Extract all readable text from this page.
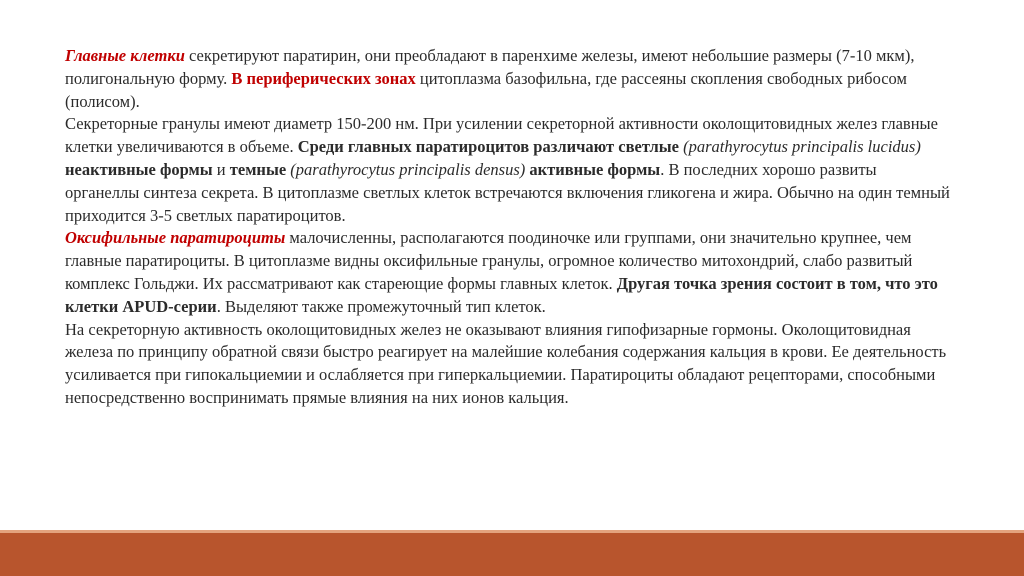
Главные клетки секретируют паратирин, они преобладают в паренхиме железы, имеют небольшие размеры (7-10 мкм), полигональную форму. В периферических зонах цитоплазма базофильна, где рассеяны скопления свободных рибосом (полисом).

Секреторные гранулы имеют диаметр 150-200 нм. При усилении секреторной активности околощитовидных желез главные клетки увеличиваются в объеме. Среди главных паратироцитов различают светлые (parathyrocytus principalis lucidus) неактивные формы и темные (parathyrocytus principalis densus) активные формы. В последних хорошо развиты органеллы синтеза секрета. В цитоплазме светлых клеток встречаются включения гликогена и жира. Обычно на один темный приходится 3-5 светлых паратироцитов.

Оксифильные паратироциты малочисленны, располагаются поодиночке или группами, они значительно крупнее, чем главные паратироциты. В цитоплазме видны оксифильные гранулы, огромное количество митохондрий, слабо развитый комплекс Гольджи. Их рассматривают как стареющие формы главных клеток. Другая точка зрения состоит в том, что это клетки APUD-серии. Выделяют также промежуточный тип клеток.

На секреторную активность околощитовидных желез не оказывают влияния гипофизарные гормоны. Околощитовидная железа по принципу обратной связи быстро реагирует на малейшие колебания содержания кальция в крови. Ее деятельность усиливается при гипокальциемии и ослабляется при гиперкальциемии. Паратироциты обладают рецепторами, способными непосредственно воспринимать прямые влияния на них ионов кальция.
